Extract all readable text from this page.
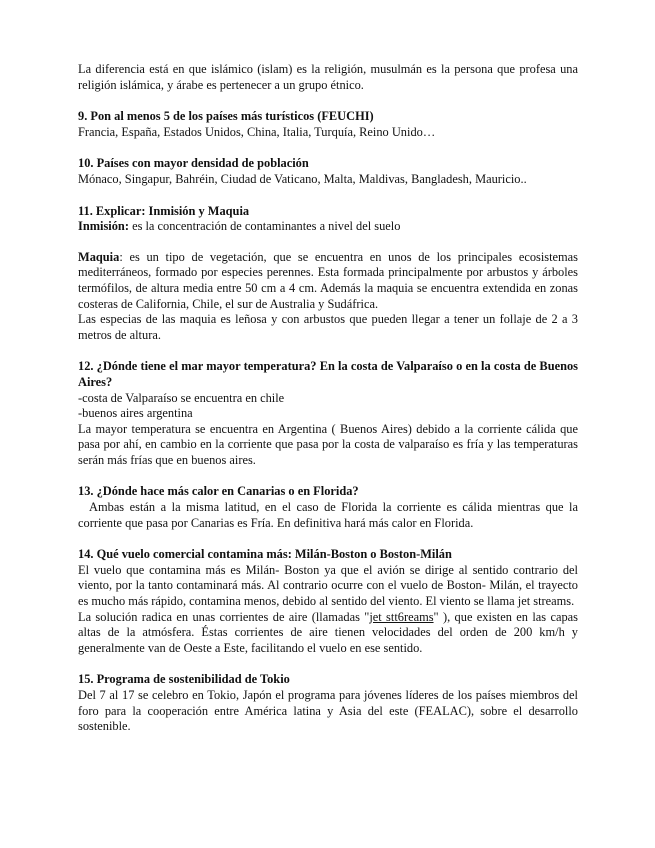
La diferencia está en que islámico (islam) es la religión, musulmán es la persona que profesa una religión islámica, y árabe es pertenecer a un grupo étnico.

9. Pon al menos 5 de los países más turísticos (FEUCHI)

Francia, España, Estados Unidos, China, Italia, Turquía, Reino Unido…

10. Países con mayor densidad de población

Mónaco, Singapur, Bahréin, Ciudad de Vaticano, Malta, Maldivas, Bangladesh, Mauricio..

11. Explicar: Inmisión y Maquia

Inmisión: es la concentración de contaminantes a nivel del suelo

Maquia: es un tipo de vegetación, que se encuentra en unos de los principales ecosistemas mediterráneos, formado por especies perennes. Esta formada principalmente por arbustos y árboles termófilos, de altura media entre 50 cm a 4 cm. Además la maquia se encuentra extendida en zonas costeras de California, Chile, el sur de Australia y Sudáfrica.

Las especias de las maquia es leñosa y con arbustos que pueden llegar a tener un follaje de 2 a 3 metros de altura.

12. ¿Dónde tiene el mar mayor temperatura? En la costa de Valparaíso o en la costa de Buenos Aires?

-costa de Valparaíso se encuentra en chile

-buenos aires argentina

La mayor temperatura se encuentra en Argentina ( Buenos Aires) debido a la corriente cálida que pasa por ahí, en cambio en la corriente que pasa por la costa de valparaíso es fría y las temperaturas serán más frías que en buenos aires.

13. ¿Dónde hace más calor en Canarias o en Florida?

Ambas están a la misma latitud, en el caso de Florida la corriente es cálida mientras que la corriente que pasa por Canarias es Fría. En definitiva hará más calor en Florida.

14. Qué vuelo comercial contamina más: Milán-Boston o Boston-Milán

El vuelo que contamina más es Milán- Boston ya que el avión se dirige al sentido contrario del viento, por la tanto contaminará más. Al contrario ocurre con el vuelo de Boston- Milán, el trayecto es mucho más rápido, contamina menos, debido al sentido del viento. El viento se llama jet streams.

La solución radica en unas corrientes de aire (llamadas "jet stt6reams" ), que existen en las capas altas de la atmósfera. Éstas corrientes de aire tienen velocidades del orden de 200 km/h y generalmente van de Oeste a Este, facilitando el vuelo en ese sentido.

15. Programa de sostenibilidad de Tokio

Del 7 al 17 se celebro en Tokio, Japón el programa para jóvenes líderes de los países miembros del foro para la cooperación entre América latina y Asia del este (FEALAC), sobre el desarrollo sostenible.
